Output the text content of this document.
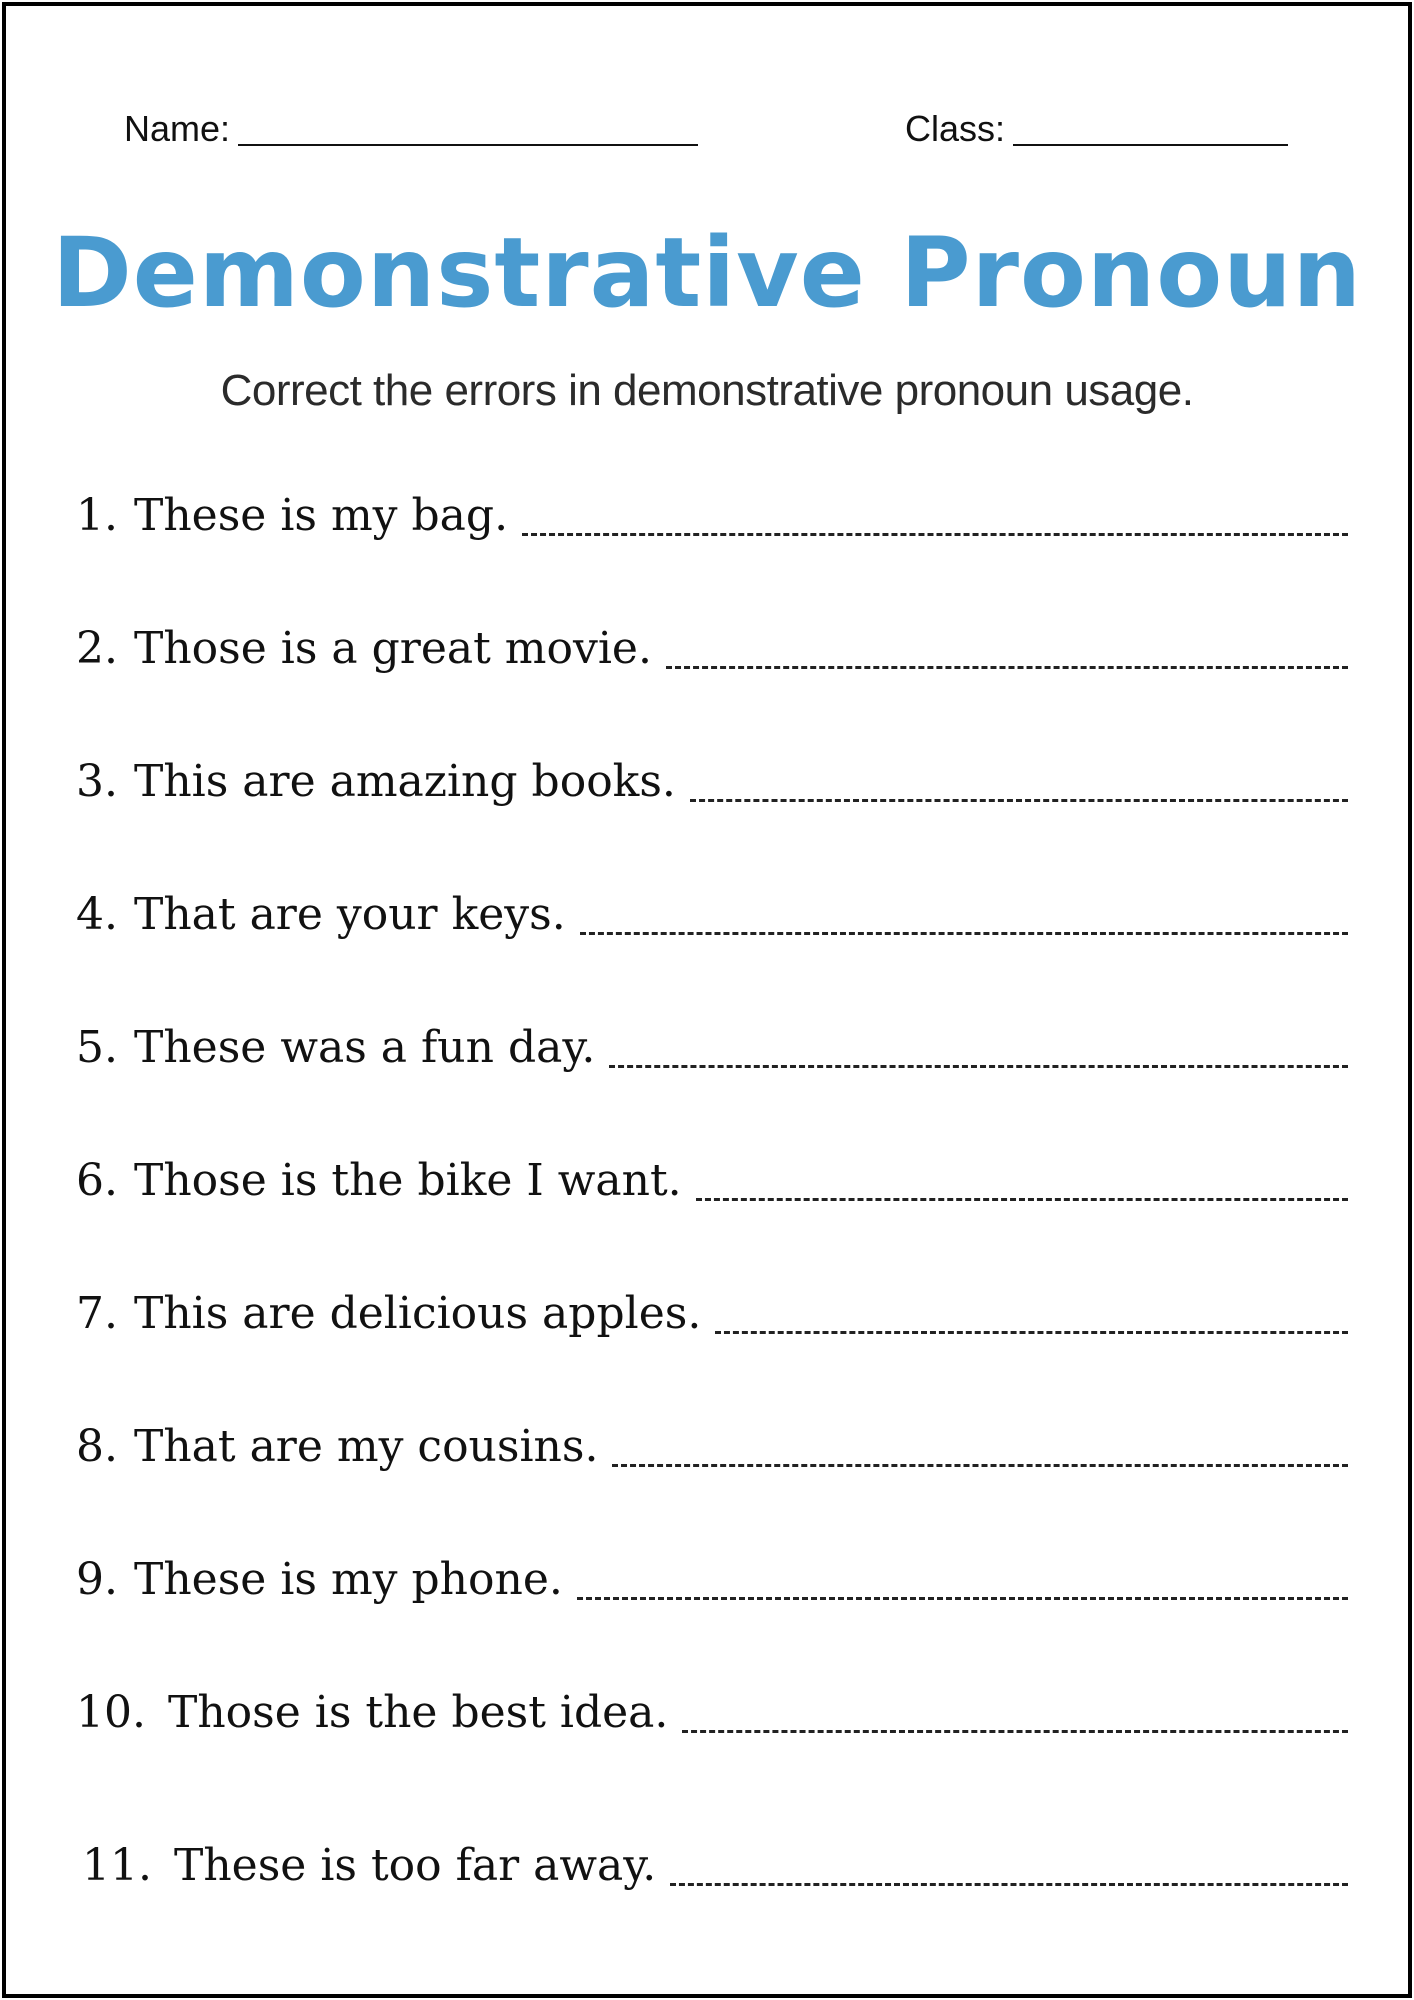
Name:	Class:
Demonstrative Pronoun
Correct the errors in demonstrative pronoun usage.
1. These is my bag.
2. Those is a great movie.
3. This are amazing books.
4. That are your keys.
5. These was a fun day.
6. Those is the bike I want.
7. This are delicious apples.
8. That are my cousins.
9. These is my phone.
10. Those is the best idea.
11. These is too far away.
